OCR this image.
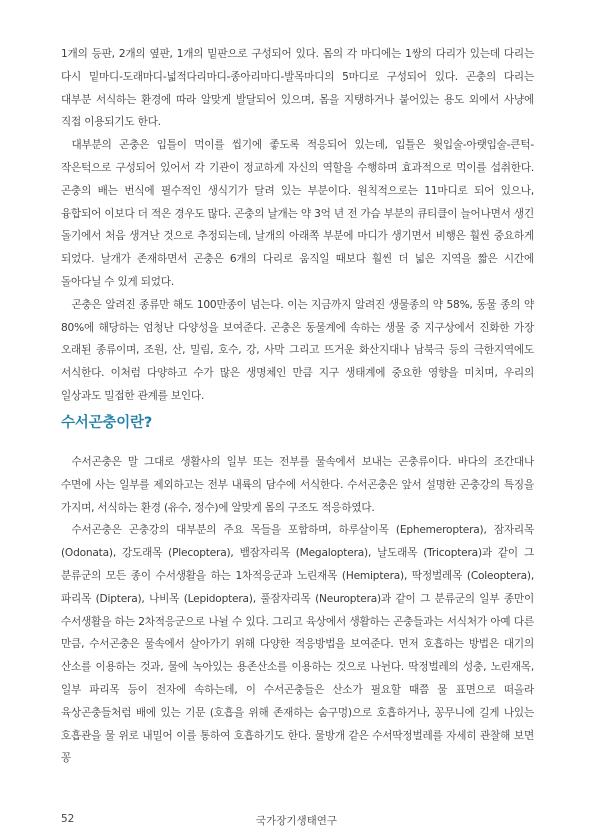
1개의 등판, 2개의 옆판, 1개의 밑판으로 구성되어 있다. 몸의 각 마디에는 1쌍의 다리가 있는데 다리는 다시 밑마디-도래마디-넓적다리마디-종아리마디-발목마디의 5마디로 구성되어 있다. 곤충의 다리는 대부분 서식하는 환경에 따라 알맞게 발달되어 있으며, 몸을 지탱하거나 붙어있는 용도 외에서 사냥에 직접 이용되기도 한다.

대부분의 곤충은 입틀이 먹이를 씹기에 좋도록 적응되어 있는데, 입틀은 윗입술-아랫입술-큰턱-작은턱으로 구성되어 있어서 각 기관이 정교하게 자신의 역할을 수행하며 효과적으로 먹이를 섭취한다. 곤충의 배는 번식에 필수적인 생식기가 달려 있는 부분이다. 원칙적으로는 11마디로 되어 있으나, 융합되어 이보다 더 적은 경우도 많다. 곤충의 날개는 약 3억 년 전 가슴 부분의 큐티클이 늘어나면서 생긴 돌기에서 처음 생겨난 것으로 추정되는데, 날개의 아래쪽 부분에 마디가 생기면서 비행은 훨씬 중요하게 되었다. 날개가 존재하면서 곤충은 6개의 다리로 움직일 때보다 훨씬 더 넓은 지역을 짧은 시간에 돌아다닐 수 있게 되었다.

곤충은 알려진 종류만 해도 100만종이 넘는다. 이는 지금까지 알려진 생물종의 약 58%, 동물 종의 약 80%에 해당하는 엄청난 다양성을 보여준다. 곤충은 동물계에 속하는 생물 중 지구상에서 진화한 가장 오래된 종류이며, 조원, 산, 밀림, 호수, 강, 사막 그리고 뜨거운 화산지대나 남북극 등의 극한지역에도 서식한다. 이처럼 다양하고 수가 많은 생명체인 만큼 지구 생태계에 중요한 영향을 미치며, 우리의 일상과도 밀접한 관계를 보인다.

수서곤충이란?

수서곤충은 말 그대로 생활사의 일부 또는 전부를 물속에서 보내는 곤충류이다. 바다의 조간대나 수면에 사는 일부를 제외하고는 전부 내륙의 담수에 서식한다. 수서곤충은 앞서 설명한 곤충강의 특징을 가지며, 서식하는 환경 (유수, 정수)에 알맞게 몸의 구조도 적응하였다.

수서곤충은 곤충강의 대부분의 주요 목들을 포함하며, 하루살이목 (Ephemeroptera), 잠자리목 (Odonata), 강도래목 (Plecoptera), 뱀잠자리목 (Megaloptera), 날도래목 (Tricoptera)과 같이 그 분류군의 모든 종이 수서생활을 하는 1차적응군과 노린재목 (Hemiptera), 딱정벌레목 (Coleoptera), 파리목 (Diptera), 나비목 (Lepidoptera), 풀잠자리목 (Neuroptera)과 같이 그 분류군의 일부 종만이 수서생활을 하는 2차적응군으로 나뉠 수 있다. 그리고 육상에서 생활하는 곤충들과는 서식처가 아예 다른 만큼, 수서곤충은 물속에서 살아가기 위해 다양한 적응방법을 보여준다. 먼저 호흡하는 방법은 대기의 산소를 이용하는 것과, 물에 녹아있는 용존산소를 이용하는 것으로 나뉜다. 딱정벌레의 성충, 노린재목, 일부 파리목 등이 전자에 속하는데, 이 수서곤충들은 산소가 필요할 때쯤 물 표면으로 떠올라 육상곤충들처럼 배에 있는 기문 (호흡을 위해 존재하는 숨구멍)으로 호흡하거나, 꽁무니에 길게 나있는 호흡관을 물 위로 내밀어 이를 통하여 호흡하기도 한다. 물방개 같은 수서딱정벌레를 자세히 관찰해 보면 꽁

52	국가장기생태연구
